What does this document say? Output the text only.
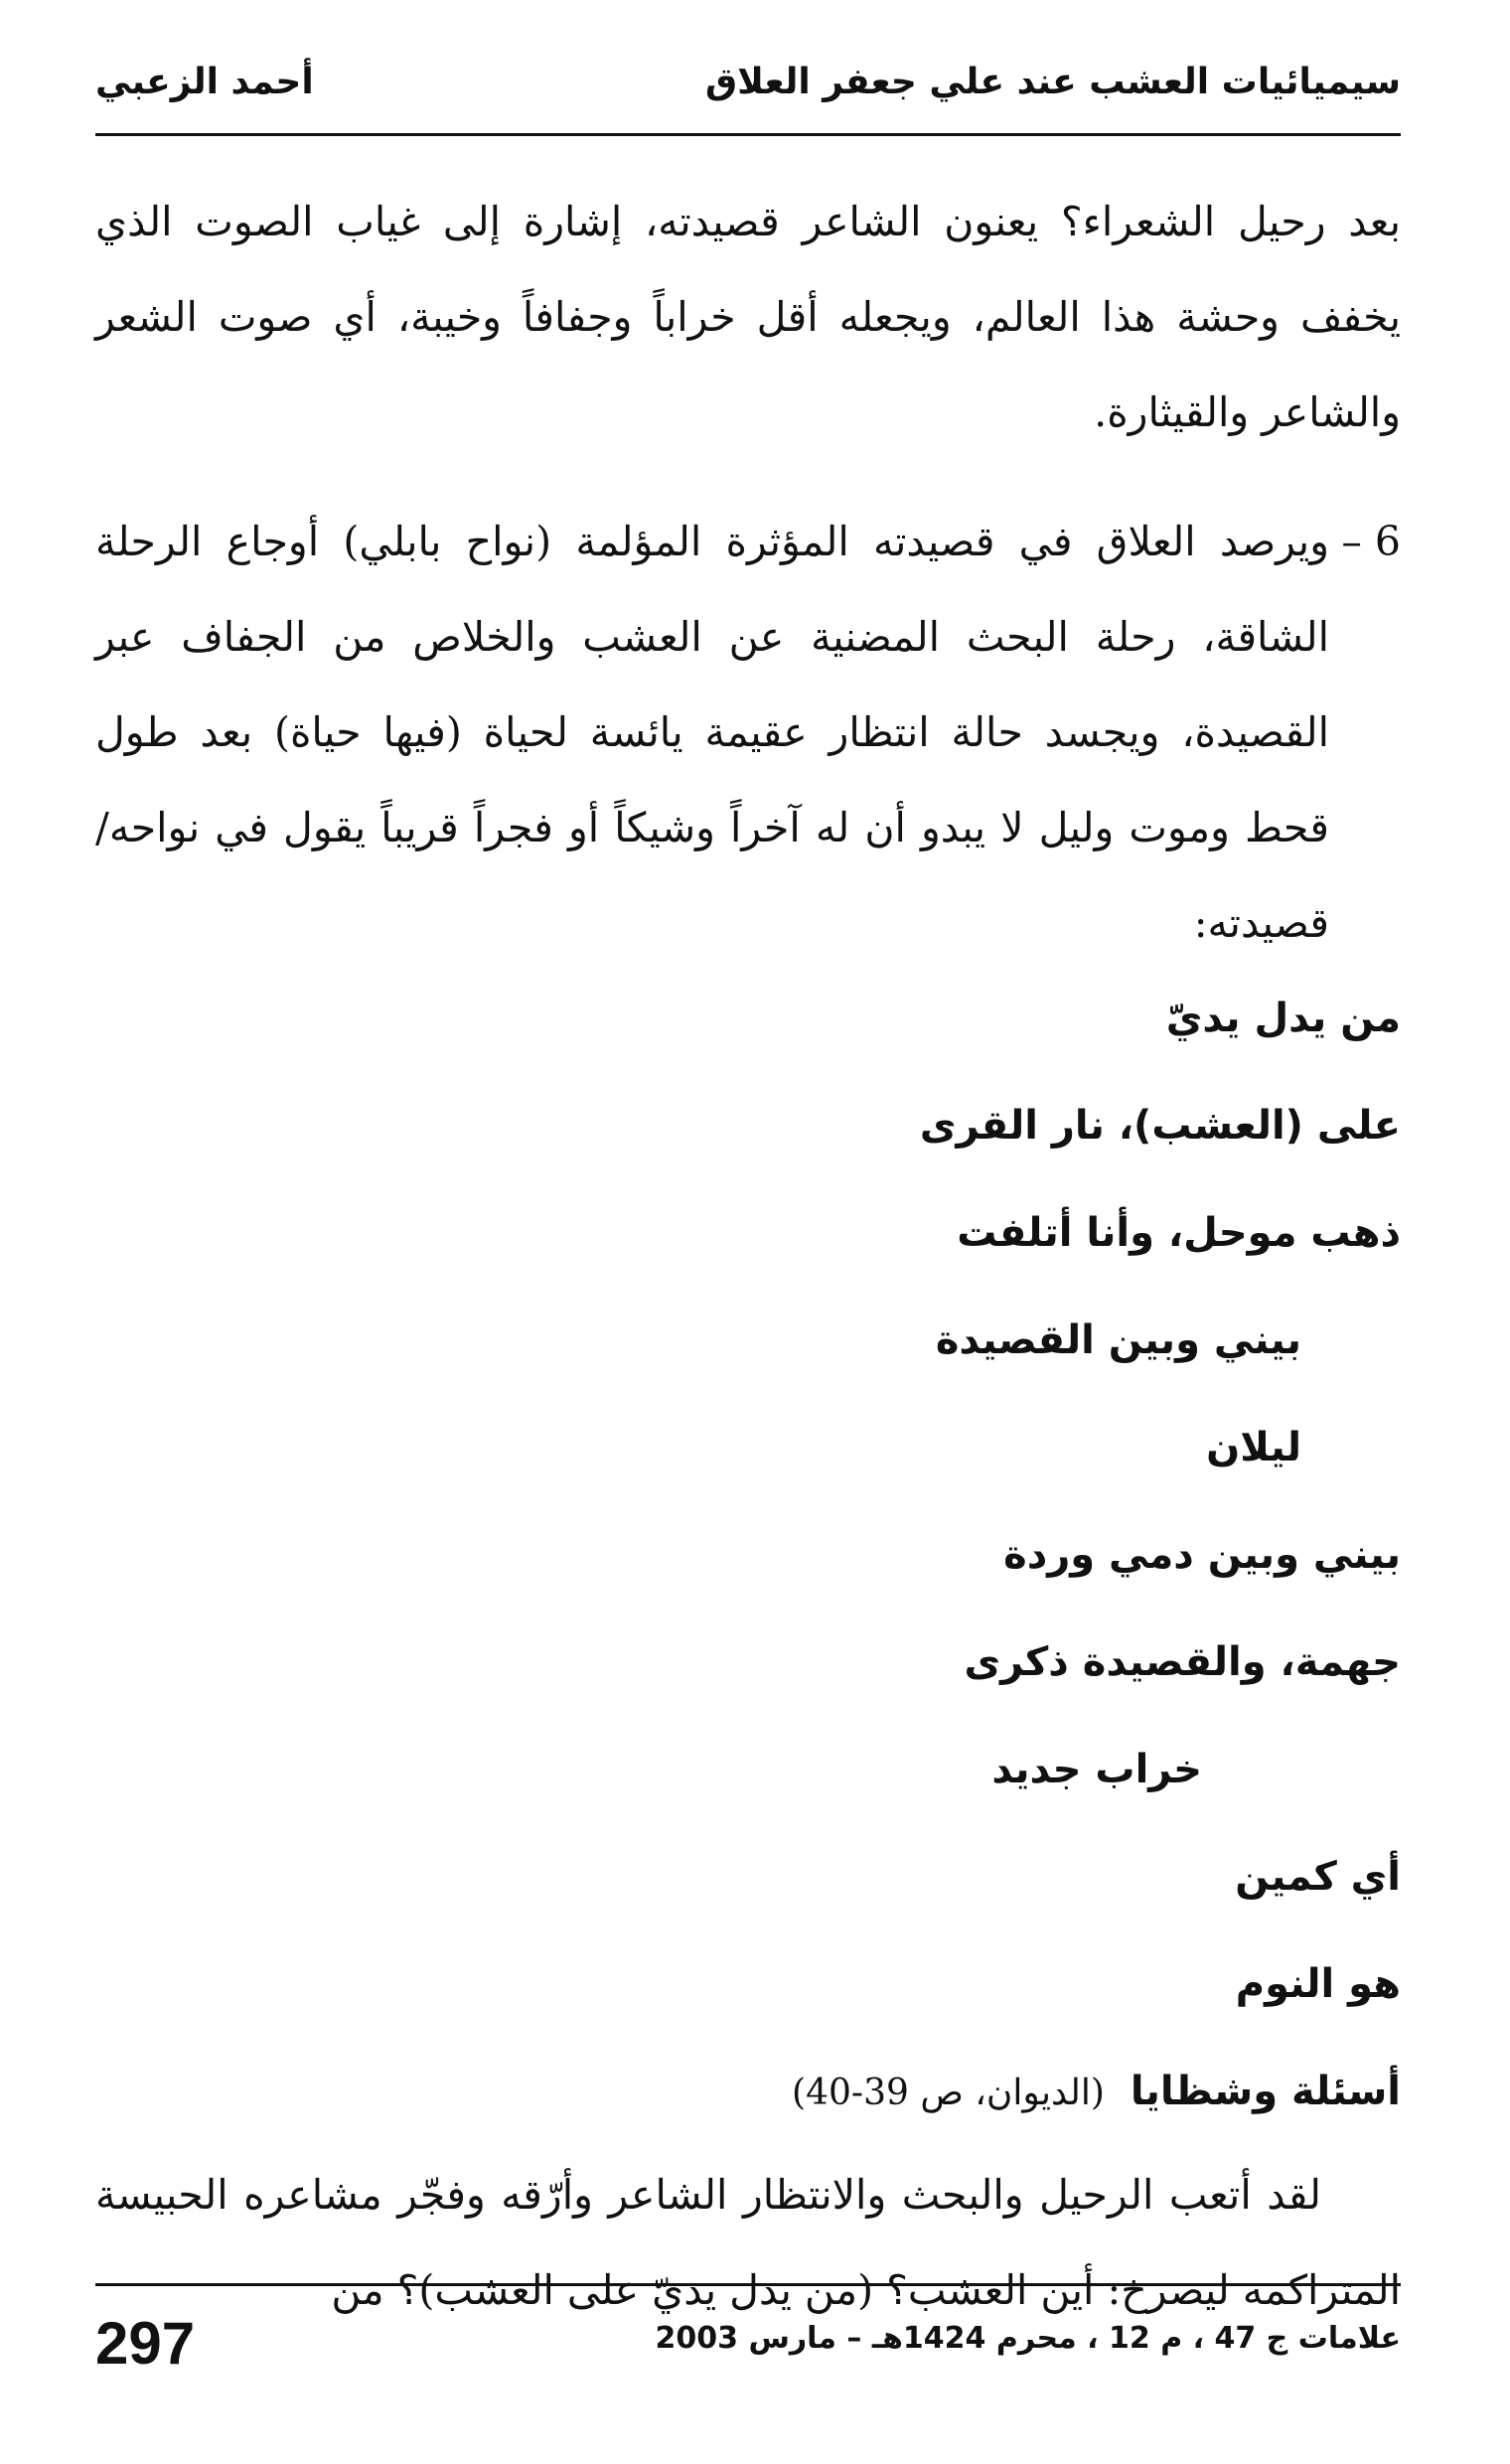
سيميائيات العشب عند علي جعفر العلاق
أحمد الزعبي

بعد رحيل الشعراء؟ يعنون الشاعر قصيدته، إشارة إلى غياب الصوت الذي يخفف وحشة هذا العالم، ويجعله أقل خراباً وجفافاً وخيبة، أي صوت الشعر والشاعر والقيثارة.

6 –
ويرصد العلاق في قصيدته المؤثرة المؤلمة (نواح بابلي) أوجاع الرحلة الشاقة، رحلة البحث المضنية عن العشب والخلاص من الجفاف عبر القصيدة، ويجسد حالة انتظار عقيمة يائسة لحياة (فيها حياة) بعد طول قحط وموت وليل لا يبدو أن له آخراً وشيكاً أو فجراً قريباً يقول في نواحه/ قصيدته:
من يدل يديّ
على (العشب)، نار القرى
ذهب موحل، وأنا أتلفت
بيني وبين القصيدة
ليلان
بيني وبين دمي وردة
جهمة، والقصيدة ذكرى
خراب جديد
أي كمين
هو النوم
أسئلة وشظايا(الديوان، ص 39-40)

لقد أتعب الرحيل والبحث والانتظار الشاعر وأرّقه وفجّر مشاعره الحبيسة المتراكمة ليصرخ: أين العشب؟ (من يدل يديّ على العشب)؟ من

علامات ج 47 ، م 12 ، محرم 1424هـ – مارس 2003
297
